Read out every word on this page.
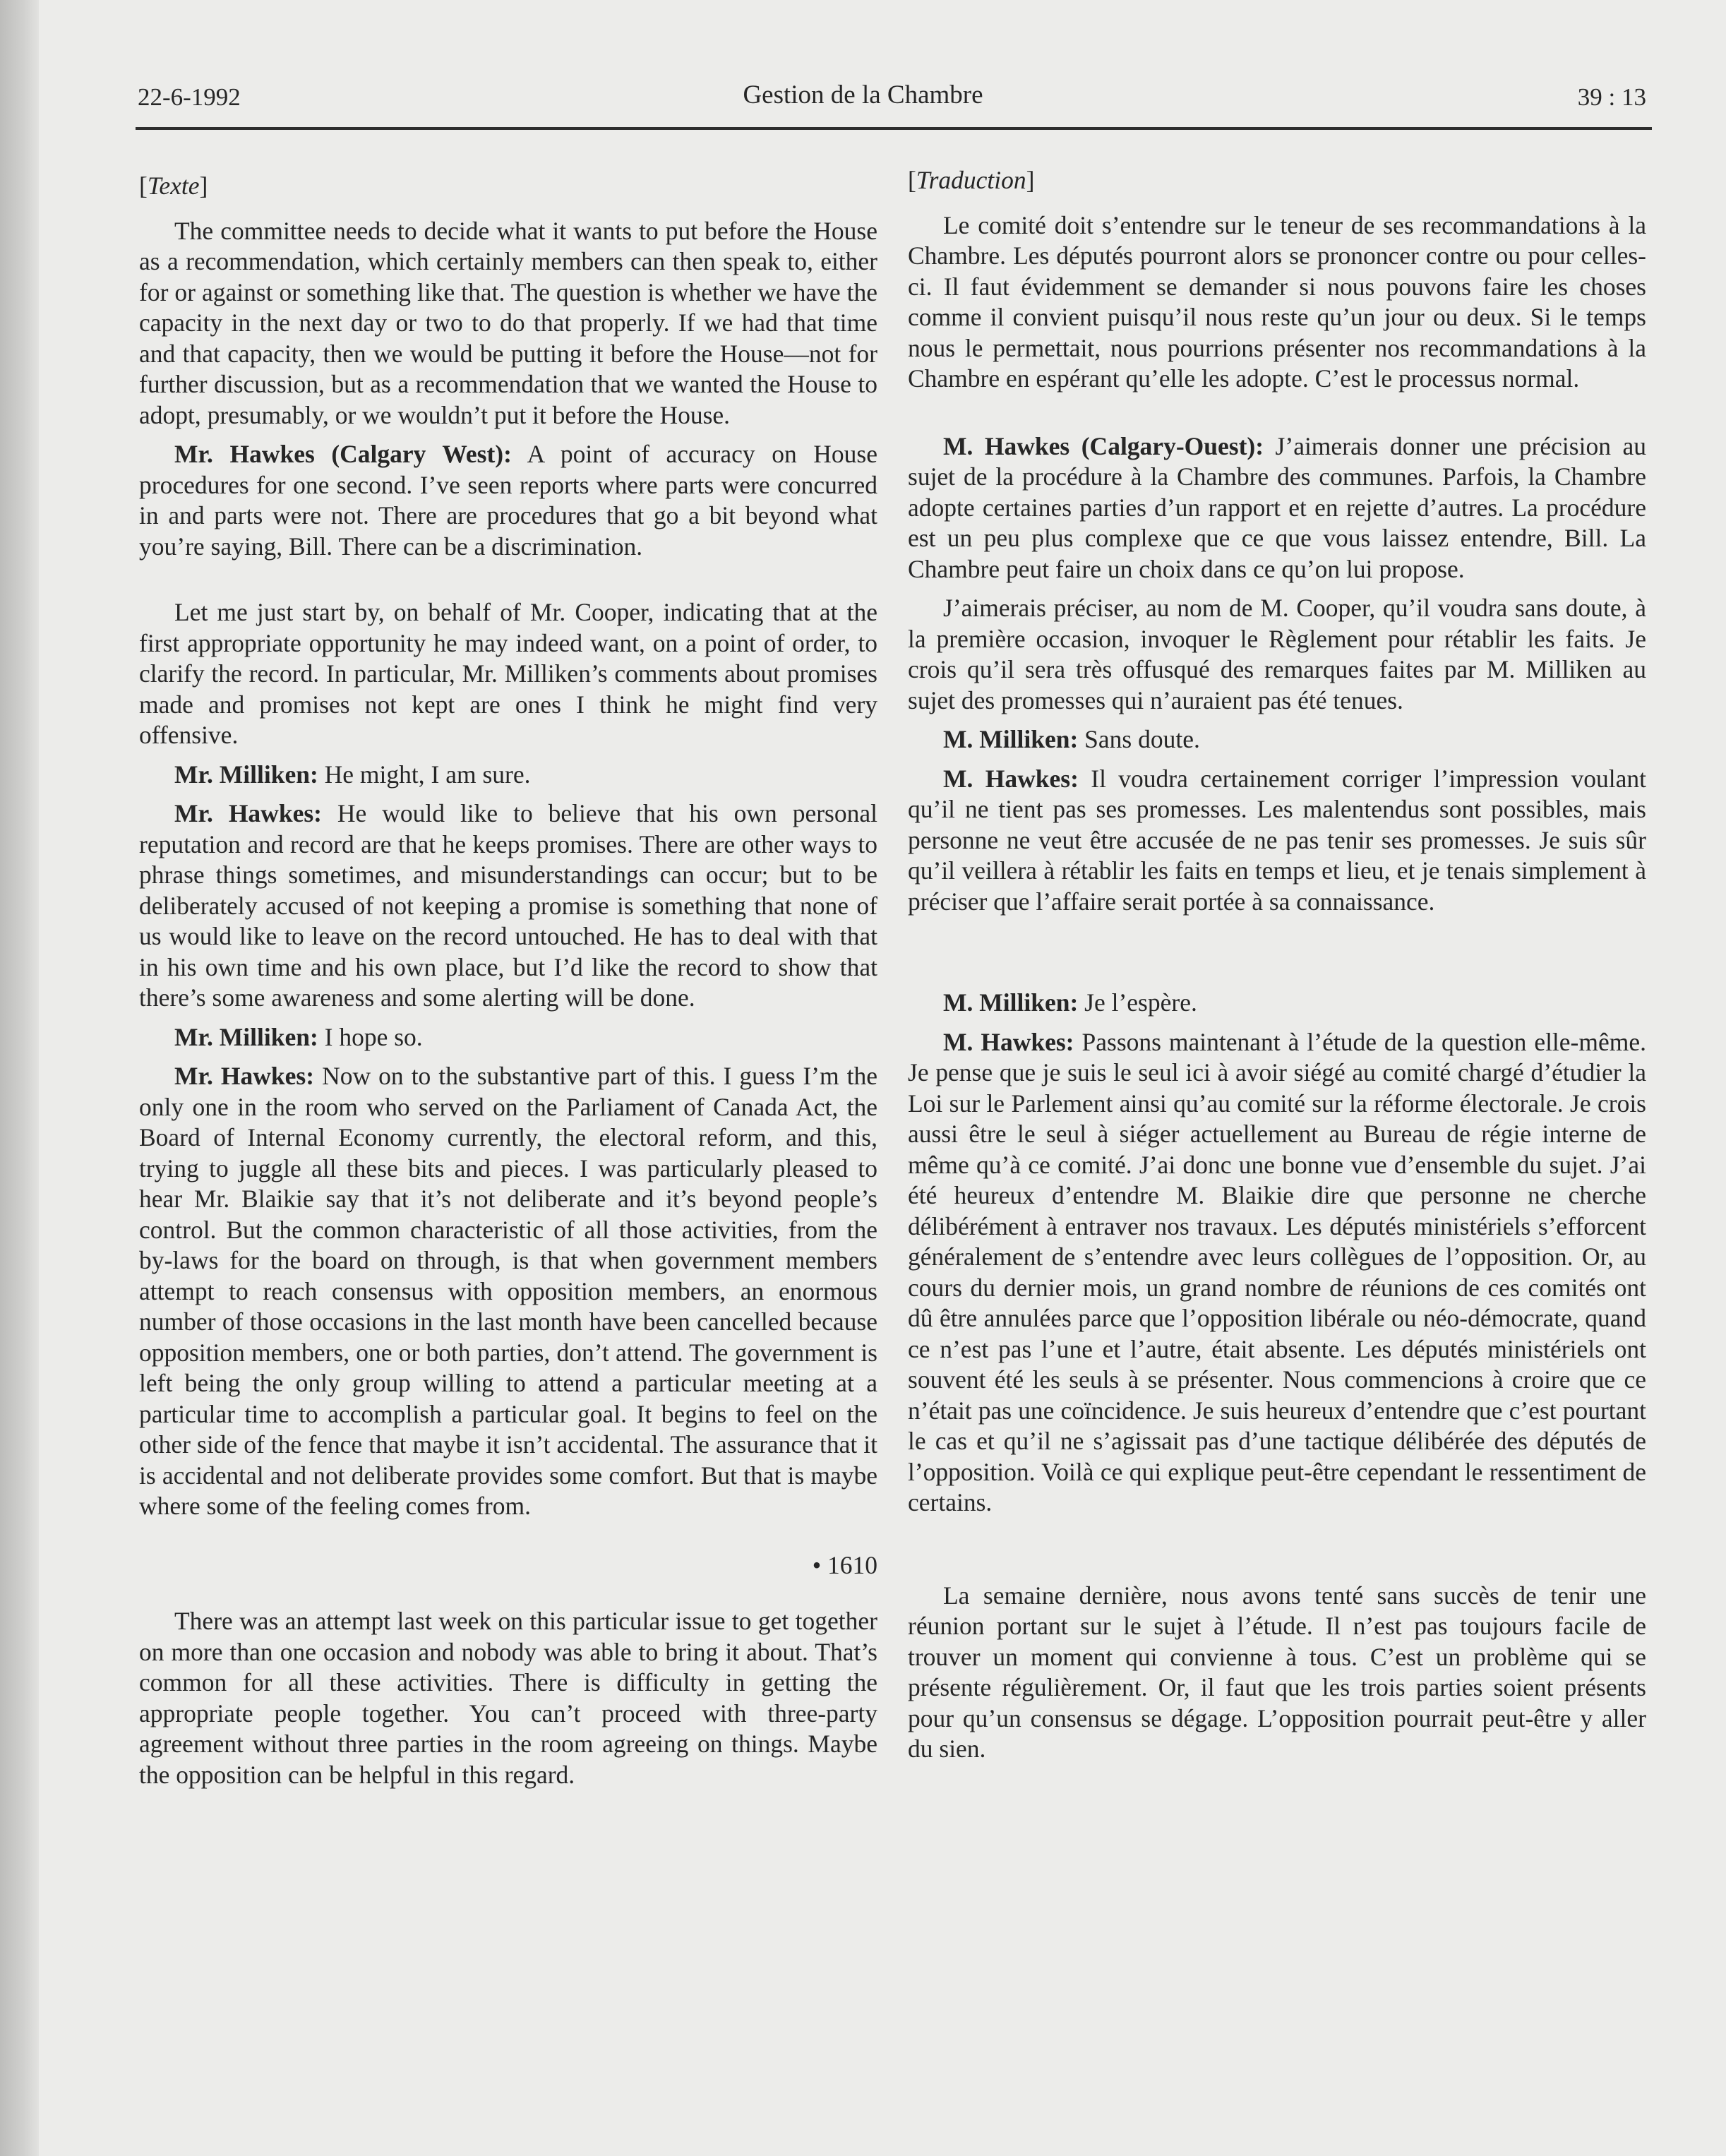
22-6-1992	Gestion de la Chambre	39 : 13

[Texte]

The committee needs to decide what it wants to put before the House as a recommendation, which certainly members can then speak to, either for or against or something like that. The question is whether we have the capacity in the next day or two to do that properly. If we had that time and that capacity, then we would be putting it before the House—not for further discussion, but as a recommendation that we wanted the House to adopt, presumably, or we wouldn’t put it before the House.

Mr. Hawkes (Calgary West): A point of accuracy on House procedures for one second. I’ve seen reports where parts were concurred in and parts were not. There are procedures that go a bit beyond what you’re saying, Bill. There can be a discrimination.

Let me just start by, on behalf of Mr. Cooper, indicating that at the first appropriate opportunity he may indeed want, on a point of order, to clarify the record. In particular, Mr. Milliken’s comments about promises made and promises not kept are ones I think he might find very offensive.

Mr. Milliken: He might, I am sure.

Mr. Hawkes: He would like to believe that his own personal reputation and record are that he keeps promises. There are other ways to phrase things sometimes, and misunderstandings can occur; but to be deliberately accused of not keeping a promise is something that none of us would like to leave on the record untouched. He has to deal with that in his own time and his own place, but I’d like the record to show that there’s some awareness and some alerting will be done.

Mr. Milliken: I hope so.

Mr. Hawkes: Now on to the substantive part of this. I guess I’m the only one in the room who served on the Parliament of Canada Act, the Board of Internal Economy currently, the electoral reform, and this, trying to juggle all these bits and pieces. I was particularly pleased to hear Mr. Blaikie say that it’s not deliberate and it’s beyond people’s control. But the common characteristic of all those activities, from the by-laws for the board on through, is that when government members attempt to reach consensus with opposition members, an enormous number of those occasions in the last month have been cancelled because opposition members, one or both parties, don’t attend. The government is left being the only group willing to attend a particular meeting at a particular time to accomplish a particular goal. It begins to feel on the other side of the fence that maybe it isn’t accidental. The assurance that it is accidental and not deliberate provides some comfort. But that is maybe where some of the feeling comes from.

• 1610

There was an attempt last week on this particular issue to get together on more than one occasion and nobody was able to bring it about. That’s common for all these activities. There is difficulty in getting the appropriate people together. You can’t proceed with three-party agreement without three parties in the room agreeing on things. Maybe the opposition can be helpful in this regard.

[Traduction]

Le comité doit s’entendre sur le teneur de ses recommandations à la Chambre. Les députés pourront alors se prononcer contre ou pour celles-ci. Il faut évidemment se demander si nous pouvons faire les choses comme il convient puisqu’il nous reste qu’un jour ou deux. Si le temps nous le permettait, nous pourrions présenter nos recommandations à la Chambre en espérant qu’elle les adopte. C’est le processus normal.

M. Hawkes (Calgary-Ouest): J’aimerais donner une précision au sujet de la procédure à la Chambre des communes. Parfois, la Chambre adopte certaines parties d’un rapport et en rejette d’autres. La procédure est un peu plus complexe que ce que vous laissez entendre, Bill. La Chambre peut faire un choix dans ce qu’on lui propose.

J’aimerais préciser, au nom de M. Cooper, qu’il voudra sans doute, à la première occasion, invoquer le Règlement pour rétablir les faits. Je crois qu’il sera très offusqué des remarques faites par M. Milliken au sujet des promesses qui n’auraient pas été tenues.

M. Milliken: Sans doute.

M. Hawkes: Il voudra certainement corriger l’impression voulant qu’il ne tient pas ses promesses. Les malentendus sont possibles, mais personne ne veut être accusée de ne pas tenir ses promesses. Je suis sûr qu’il veillera à rétablir les faits en temps et lieu, et je tenais simplement à préciser que l’affaire serait portée à sa connaissance.

M. Milliken: Je l’espère.

M. Hawkes: Passons maintenant à l’étude de la question elle-même. Je pense que je suis le seul ici à avoir siégé au comité chargé d’étudier la Loi sur le Parlement ainsi qu’au comité sur la réforme électorale. Je crois aussi être le seul à siéger actuellement au Bureau de régie interne de même qu’à ce comité. J’ai donc une bonne vue d’ensemble du sujet. J’ai été heureux d’entendre M. Blaikie dire que personne ne cherche délibérément à entraver nos travaux. Les députés ministériels s’efforcent généralement de s’entendre avec leurs collègues de l’opposition. Or, au cours du dernier mois, un grand nombre de réunions de ces comités ont dû être annulées parce que l’opposition libérale ou néo-démocrate, quand ce n’est pas l’une et l’autre, était absente. Les députés ministériels ont souvent été les seuls à se présenter. Nous commencions à croire que ce n’était pas une coïncidence. Je suis heureux d’entendre que c’est pourtant le cas et qu’il ne s’agissait pas d’une tactique délibérée des députés de l’opposition. Voilà ce qui explique peut-être cependant le ressentiment de certains.

La semaine dernière, nous avons tenté sans succès de tenir une réunion portant sur le sujet à l’étude. Il n’est pas toujours facile de trouver un moment qui convienne à tous. C’est un problème qui se présente régulièrement. Or, il faut que les trois parties soient présents pour qu’un consensus se dégage. L’opposition pourrait peut-être y aller du sien.
